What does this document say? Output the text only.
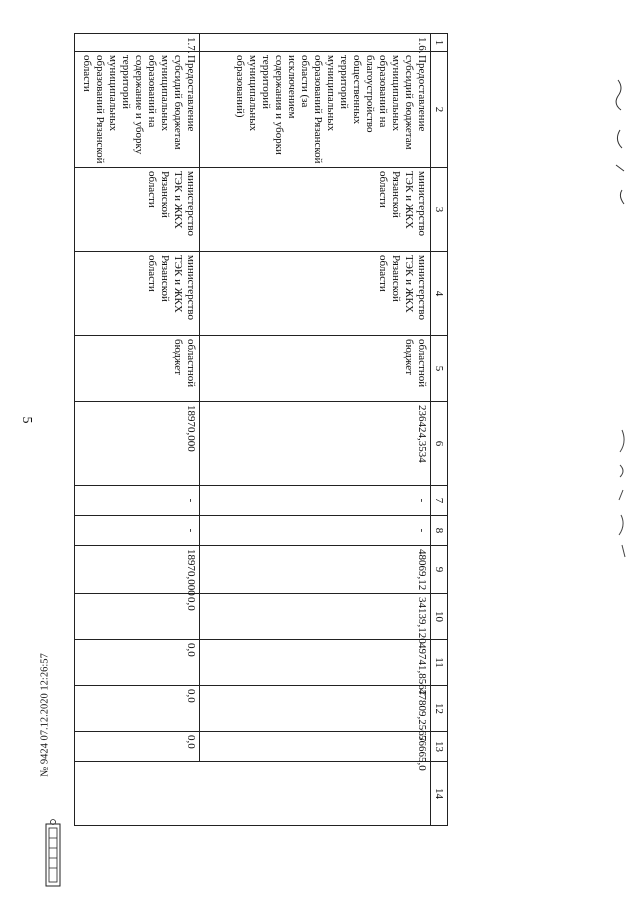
5
1	2	3	4	5	6	7	8	9	10	11	12	13	14
1.6.	Предоставление субсидий бюджетам муниципальных образований на благоустройство общественных территорий муниципальных образований Рязанской области (за исключением содержания и уборки территорий муниципальных образований)	министерство ТЭК и ЖКХ Рязанской области	министерство ТЭК и ЖКХ Рязанской области	областной бюджет	236424,3534	-	-	48069,12	34139,120	49741,8567	47809,2567	56665,0	
1.7.	Предоставление субсидий бюджетам муниципальных образований на содержание и уборку территорий муниципальных образований Рязанской области	министерство ТЭК и ЖКХ Рязанской области	министерство ТЭК и ЖКХ Рязанской области	областной бюджет	18970,000	-	-	18970,000	0,0	0,0	0,0	0,0	
№ 9424 07.12.2020 12:26:57
